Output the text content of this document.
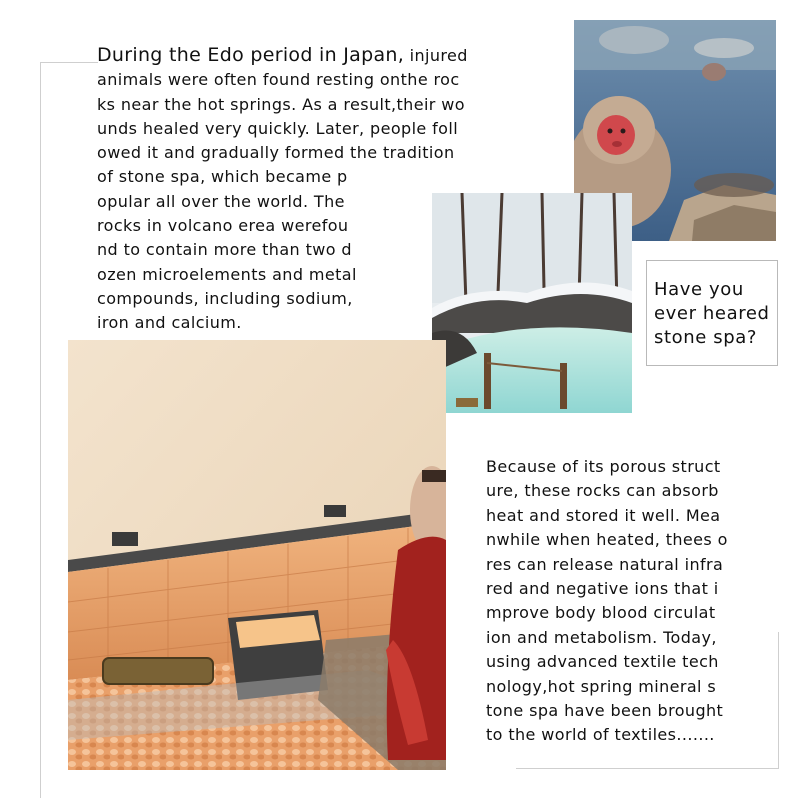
During the Edo period in Japan, injured
animals were often found resting onthe roc
ks near the hot springs. As a result,their wo
unds healed very quickly. Later, people foll
owed it and gradually formed the tradition
of stone spa, which became p
opular all over the world. The
rocks in volcano erea werefou
nd to contain more than two d
ozen microelements and metal
compounds, including sodium,
iron and calcium.
Have you
ever heared
stone spa?
Because of its porous struct
ure, these rocks can absorb
heat and stored it well. Mea
nwhile when heated, thees o
res can release natural infra
red and negative ions that i
mprove body blood circulat
ion and metabolism. Today,
using advanced textile tech
nology,hot spring mineral s
tone spa have been brought
to the world of textiles.......
